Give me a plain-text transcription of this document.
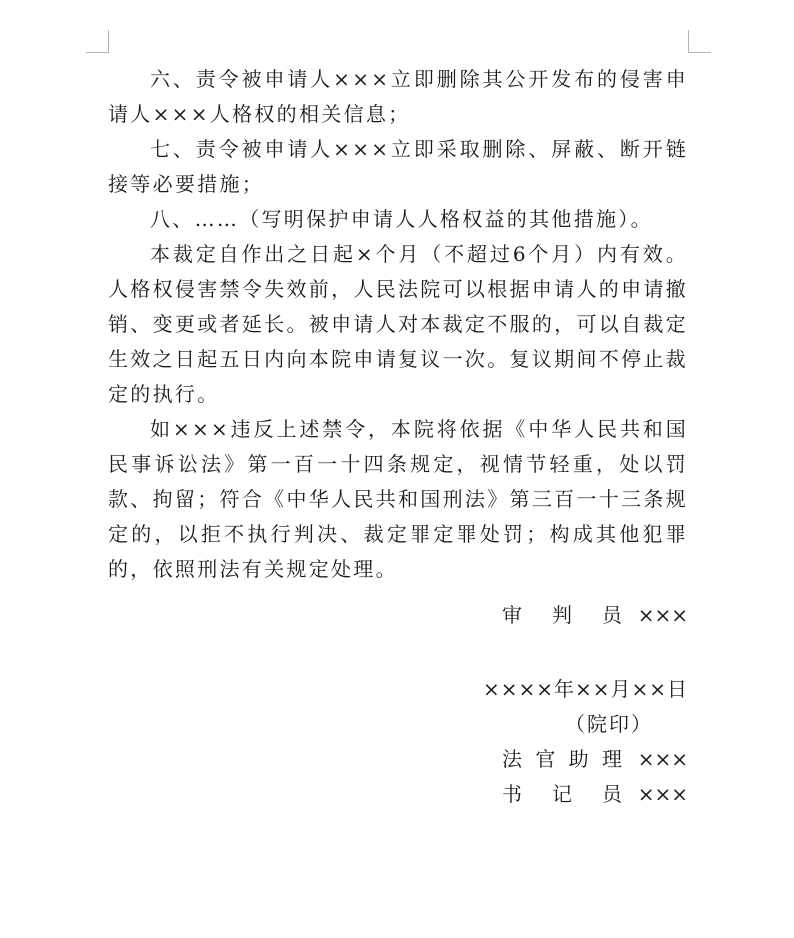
六、责令被申请人×××立即删除其公开发布的侵害申请人×××人格权的相关信息；

七、责令被申请人×××立即采取删除、屏蔽、断开链接等必要措施；

八、……（写明保护申请人人格权益的其他措施）。

本裁定自作出之日起×个月（不超过6个月）内有效。人格权侵害禁令失效前，人民法院可以根据申请人的申请撤销、变更或者延长。被申请人对本裁定不服的，可以自裁定生效之日起五日内向本院申请复议一次。复议期间不停止裁定的执行。

如×××违反上述禁令，本院将依据《中华人民共和国民事诉讼法》第一百一十四条规定，视情节轻重，处以罚款、拘留；符合《中华人民共和国刑法》第三百一十三条规定的，以拒不执行判决、裁定罪定罪处罚；构成其他犯罪的，依照刑法有关规定处理。

审 判 员 ×××
××××年××月××日
（院印）
法 官 助 理 ×××
书 记 员 ×××
